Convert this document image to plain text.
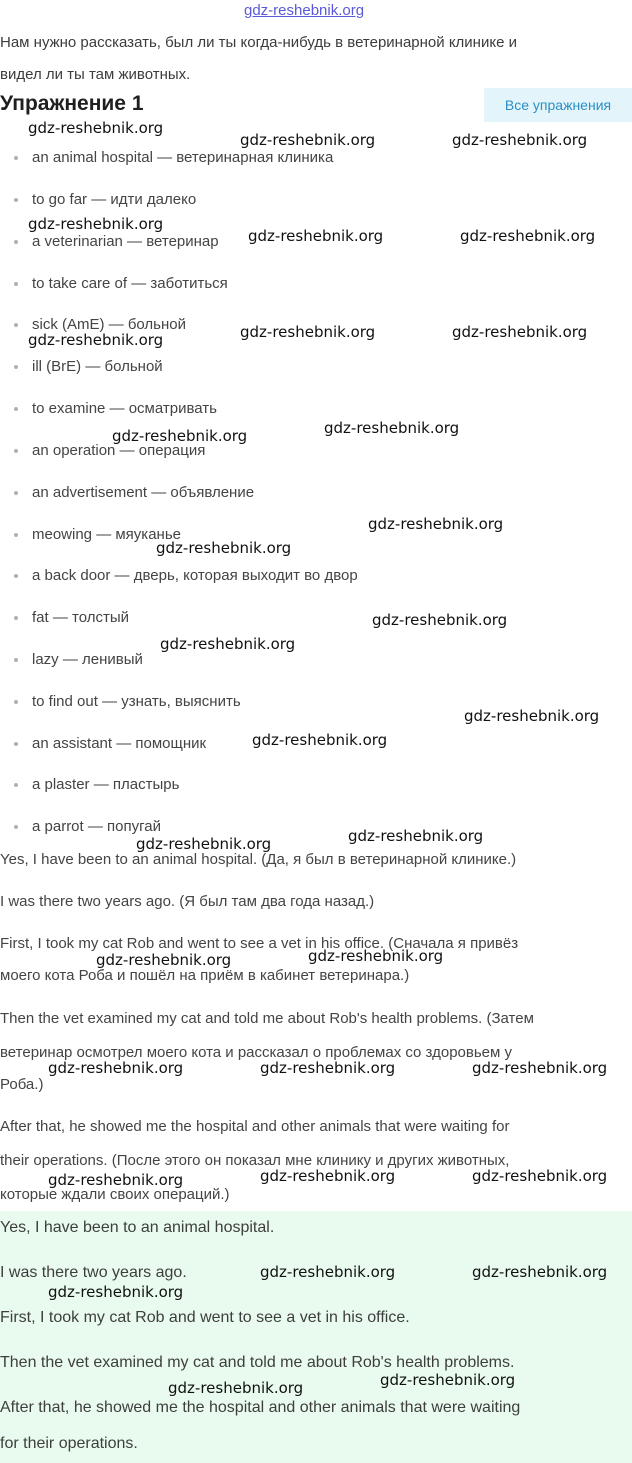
gdz-reshebnik.org
Нам нужно рассказать, был ли ты когда-нибудь в ветеринарной клинике и
видел ли ты там животных.
Упражнение 1	Все упражнения
an animal hospital — ветеринарная клиника
to go far — идти далеко
a veterinarian — ветеринар
to take care of — заботиться
sick (AmE) — больной
ill (BrE) — больной
to examine — осматривать
an operation — операция
an advertisement — объявление
meowing — мяуканье
a back door — дверь, которая выходит во двор
fat — толстый
lazy — ленивый
to find out — узнать, выяснить
an assistant — помощник
a plaster — пластырь
a parrot — попугай
Yes, I have been to an animal hospital. (Да, я был в ветеринарной клинике.)
I was there two years ago. (Я был там два года назад.)
First, I took my cat Rob and went to see a vet in his office. (Сначала я привёз
моего кота Роба и пошёл на приём в кабинет ветеринара.)
Then the vet examined my cat and told me about Rob's health problems. (Затем
ветеринар осмотрел моего кота и рассказал о проблемах со здоровьем у
Роба.)
After that, he showed me the hospital and other animals that were waiting for
their operations. (После этого он показал мне клинику и других животных,
которые ждали своих операций.)
Yes, I have been to an animal hospital.
I was there two years ago.
First, I took my cat Rob and went to see a vet in his office.
Then the vet examined my cat and told me about Rob's health problems.
After that, he showed me the hospital and other animals that were waiting
for their operations.
gdz-reshebnik.org
gdz-reshebnik.org	gdz-reshebnik.org
gdz-reshebnik.org
gdz-reshebnik.org	gdz-reshebnik.org
gdz-reshebnik.org	gdz-reshebnik.org	gdz-reshebnik.org
gdz-reshebnik.org	gdz-reshebnik.org
gdz-reshebnik.org
gdz-reshebnik.org
gdz-reshebnik.org
gdz-reshebnik.org
gdz-reshebnik.org
gdz-reshebnik.org
gdz-reshebnik.org
gdz-reshebnik.org
gdz-reshebnik.org	gdz-reshebnik.org
gdz-reshebnik.org	gdz-reshebnik.org	gdz-reshebnik.org
gdz-reshebnik.org	gdz-reshebnik.org	gdz-reshebnik.org
gdz-reshebnik.org	gdz-reshebnik.org
gdz-reshebnik.org
gdz-reshebnik.org
gdz-reshebnik.org
